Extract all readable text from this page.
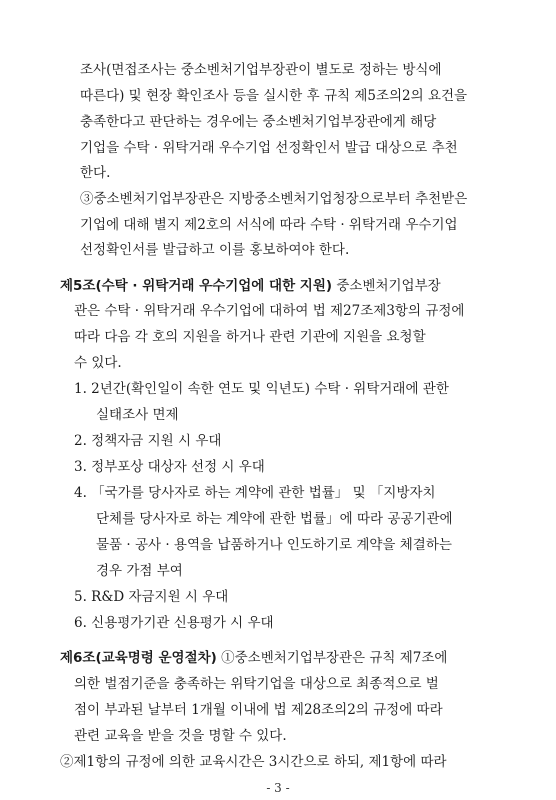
조사(면접조사는 중소벤처기업부장관이 별도로 정하는 방식에
따른다) 및 현장 확인조사 등을 실시한 후 규칙 제5조의2의 요건을
충족한다고 판단하는 경우에는 중소벤처기업부장관에게 해당
기업을 수탁 · 위탁거래 우수기업 선정확인서 발급 대상으로 추천
한다.
③중소벤처기업부장관은 지방중소벤처기업청장으로부터 추천받은
기업에 대해 별지 제2호의 서식에 따라 수탁 · 위탁거래 우수기업
선정확인서를 발급하고 이를 홍보하여야 한다.
제5조(수탁 · 위탁거래 우수기업에 대한 지원) 중소벤처기업부장
관은 수탁 · 위탁거래 우수기업에 대하여 법 제27조제3항의 규정에
따라 다음 각 호의 지원을 하거나 관련 기관에 지원을 요청할
수 있다.
1. 2년간(확인일이 속한 연도 및 익년도) 수탁 · 위탁거래에 관한
실태조사 면제
2. 정책자금 지원 시 우대
3. 정부포상 대상자 선정 시 우대
4. 「국가를 당사자로 하는 계약에 관한 법률」 및 「지방자치
단체를 당사자로 하는 계약에 관한 법률」에 따라 공공기관에
물품 · 공사 · 용역을 납품하거나 인도하기로 계약을 체결하는
경우 가점 부여
5. R&D 자금지원 시 우대
6. 신용평가기관 신용평가 시 우대
제6조(교육명령 운영절차) ①중소벤처기업부장관은 규칙 제7조에
의한 벌점기준을 충족하는 위탁기업을 대상으로 최종적으로 벌
점이 부과된 날부터 1개월 이내에 법 제28조의2의 규정에 따라
- 3 -
관련 교육을 받을 것을 명할 수 있다.
②제1항의 규정에 의한 교육시간은 3시간으로 하되, 제1항에 따라
